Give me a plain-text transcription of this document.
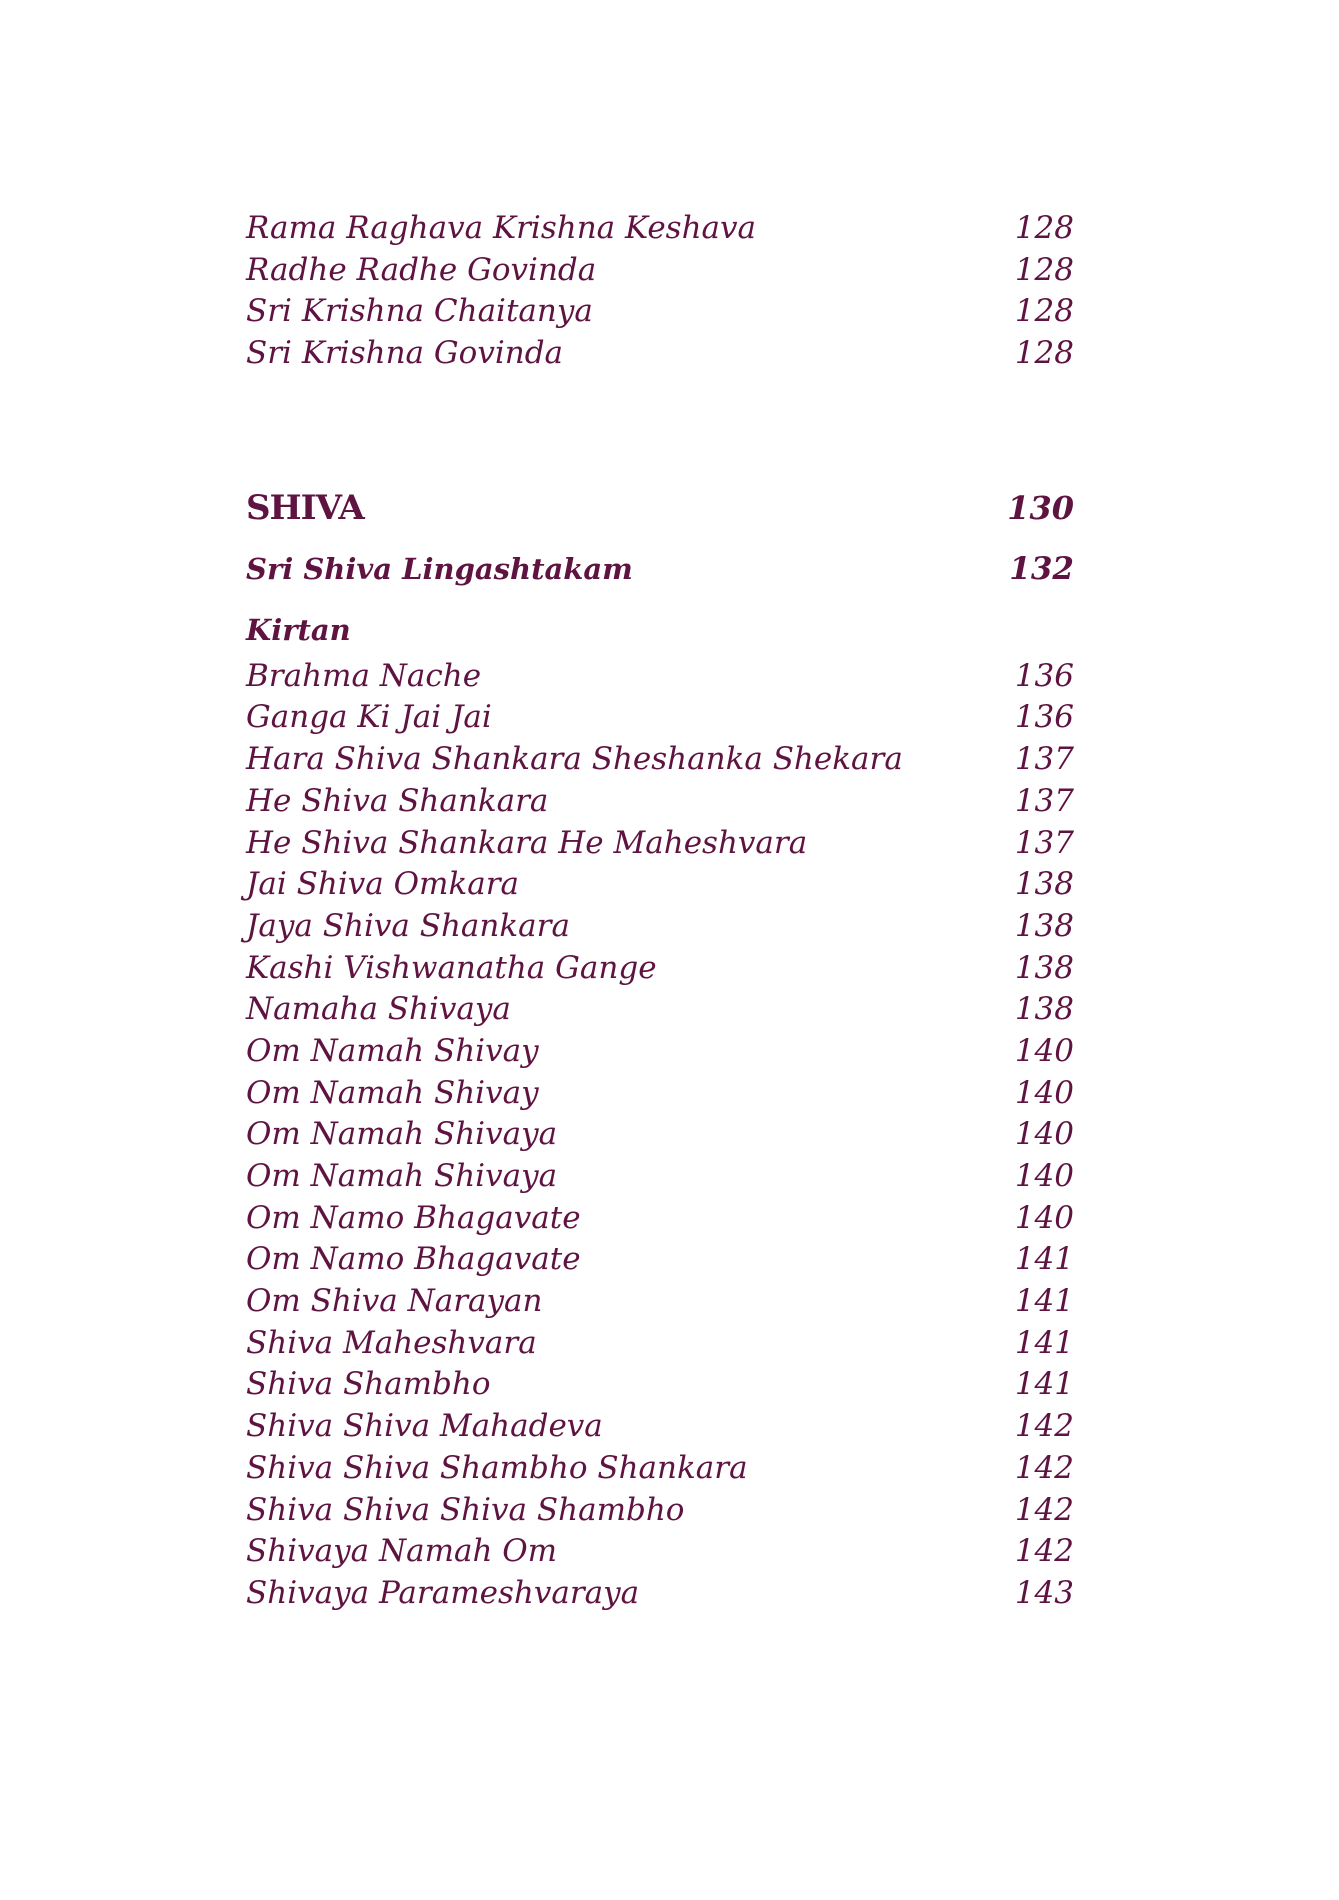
Rama Raghava Krishna Keshava	128
Radhe Radhe Govinda	128
Sri Krishna Chaitanya	128
Sri Krishna Govinda	128
SHIVA	130
Sri Shiva Lingashtakam	132
Kirtan
Brahma Nache	136
Ganga Ki Jai Jai	136
Hara Shiva Shankara Sheshanka Shekara	137
He Shiva Shankara	137
He Shiva Shankara He Maheshvara	137
Jai Shiva Omkara	138
Jaya Shiva Shankara	138
Kashi Vishwanatha Gange	138
Namaha Shivaya	138
Om Namah Shivay	140
Om Namah Shivay	140
Om Namah Shivaya	140
Om Namah Shivaya	140
Om Namo Bhagavate	140
Om Namo Bhagavate	141
Om Shiva Narayan	141
Shiva Maheshvara	141
Shiva Shambho	141
Shiva Shiva Mahadeva	142
Shiva Shiva Shambho Shankara	142
Shiva Shiva Shiva Shambho	142
Shivaya Namah Om	142
Shivaya Parameshvaraya	143
